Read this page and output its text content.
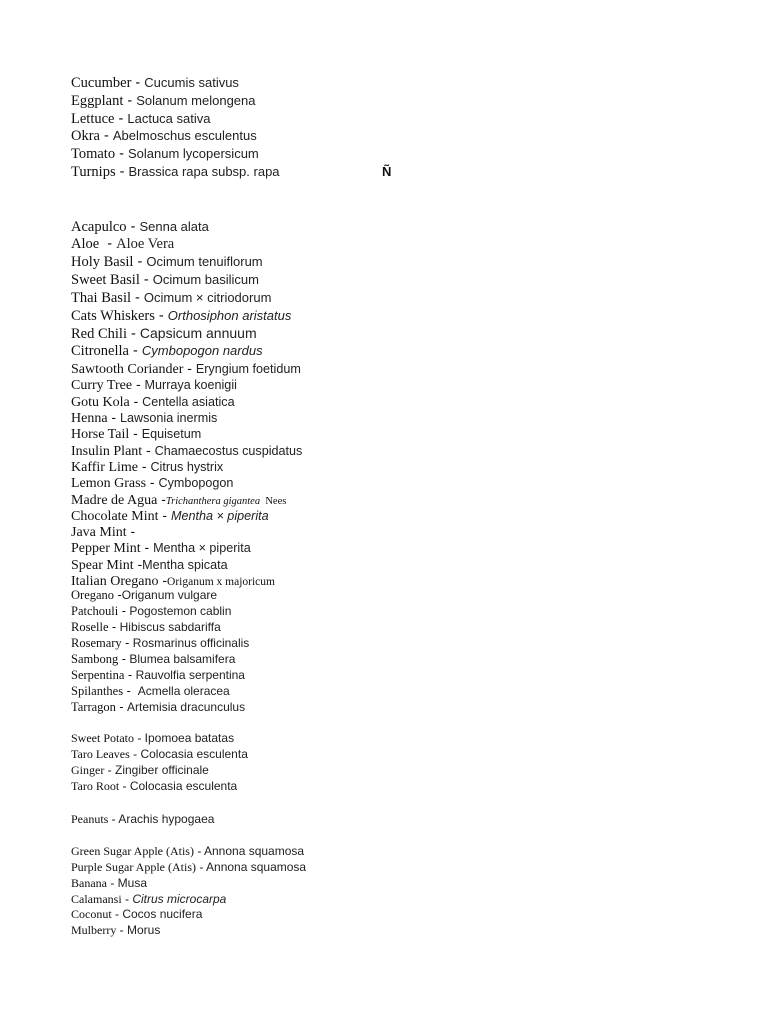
Cucumber - Cucumis sativus
Eggplant - Solanum melongena
Lettuce - Lactuca sativa
Okra - Abelmoschus esculentus
Tomato - Solanum lycopersicum
Turnips - Brassica rapa subsp. rapa	Ñ
Acapulco - Senna alata
Aloe  - Aloe Vera
Holy Basil - Ocimum tenuiflorum
Sweet Basil - Ocimum basilicum
Thai Basil - Ocimum × citriodorum
Cats Whiskers - Orthosiphon aristatus
Red Chili - Capsicum annuum
Citronella - Cymbopogon nardus
Sawtooth Coriander - Eryngium foetidum
Curry Tree - Murraya koenigii
Gotu Kola - Centella asiatica
Henna - Lawsonia inermis
Horse Tail - Equisetum
Insulin Plant - Chamaecostus cuspidatus
Kaffir Lime - Citrus hystrix
Lemon Grass - Cymbopogon
Madre de Agua -Trichanthera gigantea  Nees
Chocolate Mint - Mentha × piperita
Java Mint -
Pepper Mint - Mentha × piperita
Spear Mint -Mentha spicata
Italian Oregano -Origanum x majoricum
Oregano -Origanum vulgare
Patchouli - Pogostemon cablin
Roselle - Hibiscus sabdariffa
Rosemary - Rosmarinus officinalis
Sambong - Blumea balsamifera
Serpentina - Rauvolfia serpentina
Spilanthes -  Acmella oleracea
Tarragon - Artemisia dracunculus
Sweet Potato - Ipomoea batatas
Taro Leaves - Colocasia esculenta
Ginger - Zingiber officinale
Taro Root - Colocasia esculenta
Peanuts - Arachis hypogaea
Green Sugar Apple (Atis) - Annona squamosa
Purple Sugar Apple (Atis) - Annona squamosa
Banana - Musa
Calamansi - Citrus microcarpa
Coconut - Cocos nucifera
Mulberry - Morus
